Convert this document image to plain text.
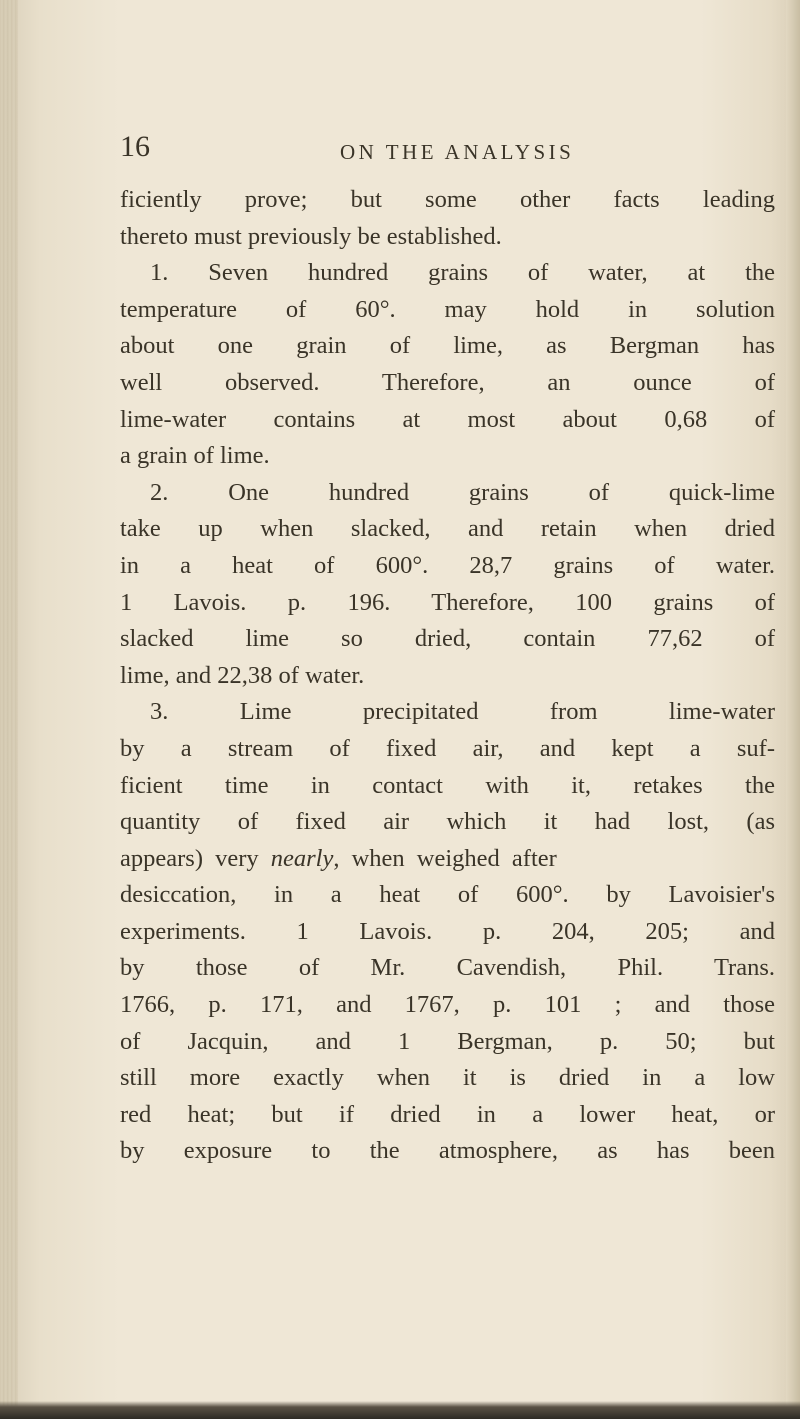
16	ON THE ANALYSIS
ficiently prove; but some other facts leading
thereto must previously be established.
1. Seven hundred grains of water, at the
temperature of 60°. may hold in solution
about one grain of lime, as Bergman has
well observed. Therefore, an ounce of
lime-water contains at most about 0,68 of
a grain of lime.
2. One hundred grains of quick-lime
take up when slacked, and retain when dried
in a heat of 600°. 28,7 grains of water.
1 Lavois. p. 196. Therefore, 100 grains of
slacked lime so dried, contain 77,62 of
lime, and 22,38 of water.
3. Lime precipitated from lime-water
by a stream of fixed air, and kept a suf-
ficient time in contact with it, retakes the
quantity of fixed air which it had lost, (as
appears) very nearly, when weighed after
desiccation, in a heat of 600°. by Lavoisier's
experiments. 1 Lavois. p. 204, 205; and
by those of Mr. Cavendish, Phil. Trans.
1766, p. 171, and 1767, p. 101 ; and those
of Jacquin, and 1 Bergman, p. 50; but
still more exactly when it is dried in a low
red heat; but if dried in a lower heat, or
by exposure to the atmosphere, as has been
